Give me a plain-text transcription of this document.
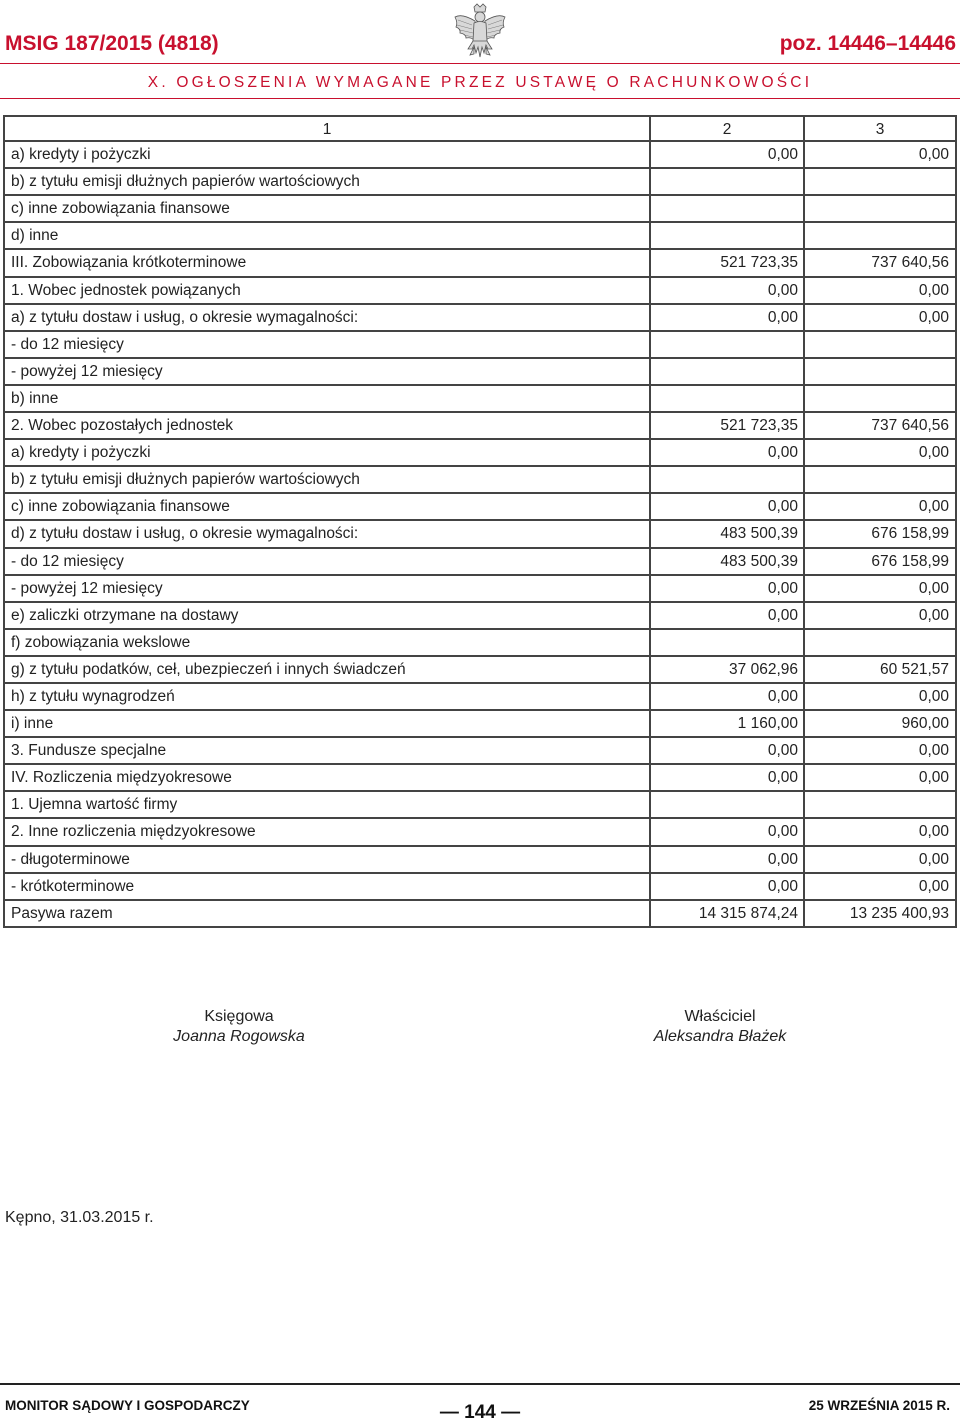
MSIG 187/2015 (4818)	poz. 14446–14446
X. OGŁOSZENIA WYMAGANE PRZEZ USTAWĘ O RACHUNKOWOŚCI
1	2	3
a) kredyty i pożyczki	0,00	0,00
b) z tytułu emisji dłużnych papierów wartościowych
c) inne zobowiązania finansowe
d) inne
III. Zobowiązania krótkoterminowe	521 723,35	737 640,56
1. Wobec jednostek powiązanych	0,00	0,00
a) z tytułu dostaw i usług, o okresie wymagalności:	0,00	0,00
- do 12 miesięcy
- powyżej 12 miesięcy
b) inne
2. Wobec pozostałych jednostek	521 723,35	737 640,56
a) kredyty i pożyczki	0,00	0,00
b) z tytułu emisji dłużnych papierów wartościowych
c) inne zobowiązania finansowe	0,00	0,00
d) z tytułu dostaw i usług, o okresie wymagalności:	483 500,39	676 158,99
- do 12 miesięcy	483 500,39	676 158,99
- powyżej 12 miesięcy	0,00	0,00
e) zaliczki otrzymane na dostawy	0,00	0,00
f) zobowiązania wekslowe
g) z tytułu podatków, ceł, ubezpieczeń i innych świadczeń	37 062,96	60 521,57
h) z tytułu wynagrodzeń	0,00	0,00
i) inne	1 160,00	960,00
3. Fundusze specjalne	0,00	0,00
IV. Rozliczenia międzyokresowe	0,00	0,00
1. Ujemna wartość firmy
2. Inne rozliczenia międzyokresowe	0,00	0,00
- długoterminowe	0,00	0,00
- krótkoterminowe	0,00	0,00
Pasywa razem	14 315 874,24	13 235 400,93
Księgowa
Joanna Rogowska
Właściciel
Aleksandra Błażek
Kępno, 31.03.2015 r.
MONITOR SĄDOWY I GOSPODARCZY	— 144 —	25 WRZEŚNIA 2015 R.
